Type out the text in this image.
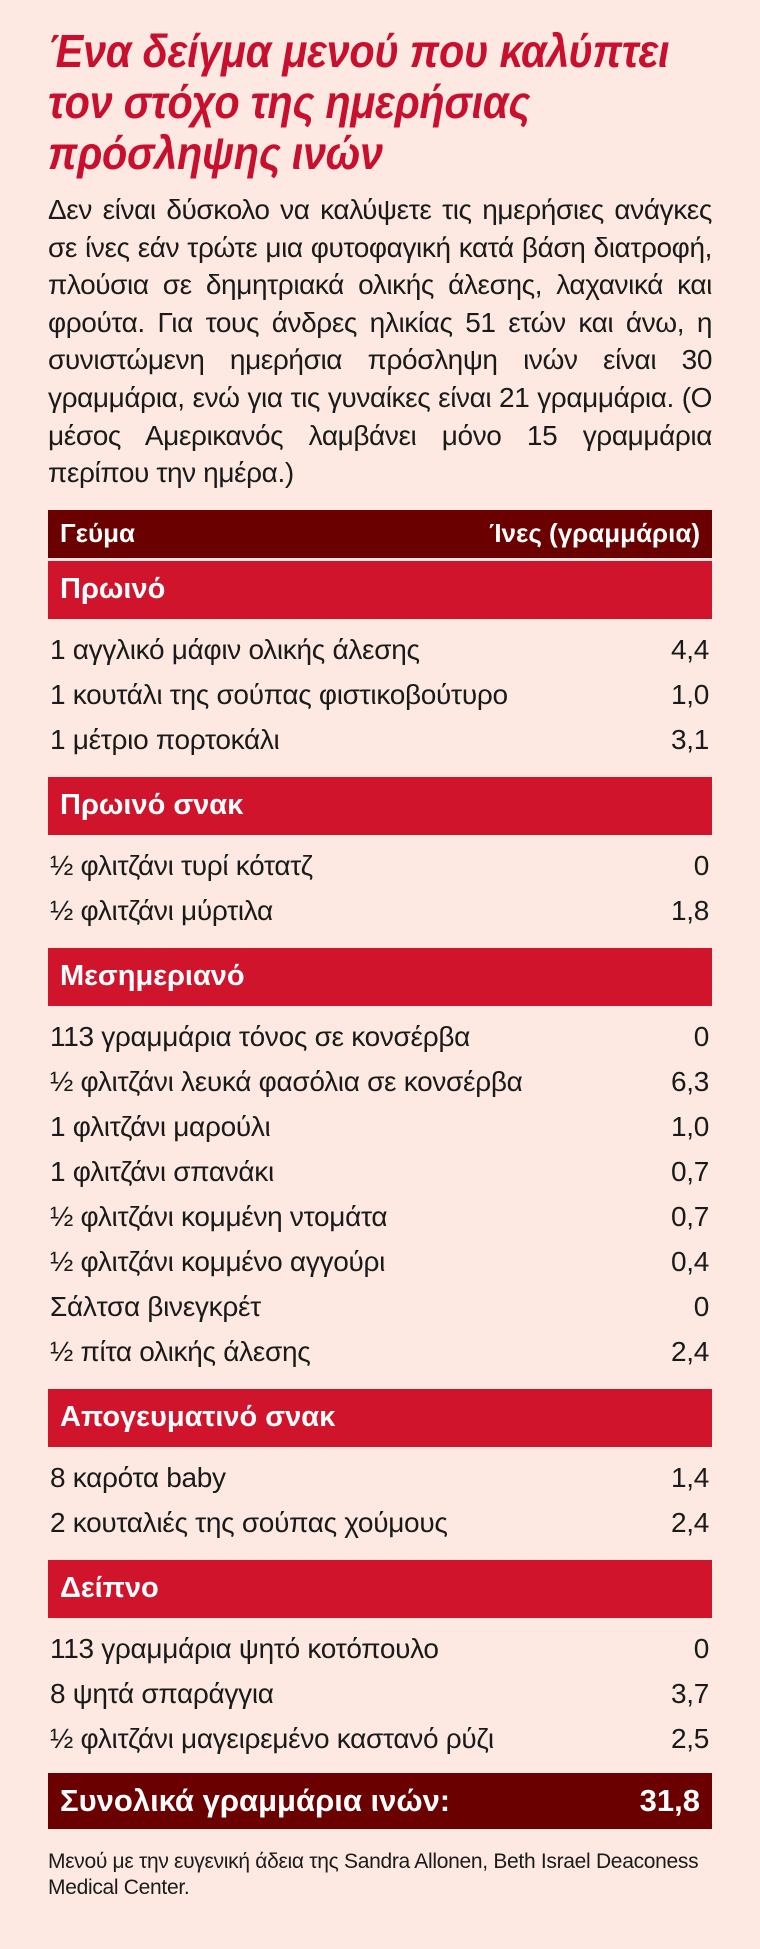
Ένα δείγμα μενού που καλύπτει τον στόχο της ημερήσιας πρόσληψης ινών

Δεν είναι δύσκολο να καλύψετε τις ημερήσιες ανάγκες σε ίνες εάν τρώτε μια φυτοφαγική κατά βάση διατροφή, πλούσια σε δημητριακά ολικής άλεσης, λαχανικά και φρούτα. Για τους άνδρες ηλικίας 51 ετών και άνω, η συνιστώμενη ημερήσια πρόσληψη ινών είναι 30 γραμμάρια, ενώ για τις γυναίκες είναι 21 γραμμάρια. (Ο μέσος Αμερικανός λαμβάνει μόνο 15 γραμμάρια περίπου την ημέρα.)

Γεύμα	Ίνες (γραμμάρια)
Πρωινό
1 αγγλικό μάφιν ολικής άλεσης	4,4
1 κουτάλι της σούπας φιστικοβούτυρο	1,0
1 μέτριο πορτοκάλι	3,1
Πρωινό σνακ
½ φλιτζάνι τυρί κότατζ	0
½ φλιτζάνι μύρτιλα	1,8
Μεσημεριανό
113 γραμμάρια τόνος σε κονσέρβα	0
½ φλιτζάνι λευκά φασόλια σε κονσέρβα	6,3
1 φλιτζάνι μαρούλι	1,0
1 φλιτζάνι σπανάκι	0,7
½ φλιτζάνι κομμένη ντομάτα	0,7
½ φλιτζάνι κομμένο αγγούρι	0,4
Σάλτσα βινεγκρέτ	0
½ πίτα ολικής άλεσης	2,4
Απογευματινό σνακ
8 καρότα baby	1,4
2 κουταλιές της σούπας χούμους	2,4
Δείπνο
113 γραμμάρια ψητό κοτόπουλο	0
8 ψητά σπαράγγια	3,7
½ φλιτζάνι μαγειρεμένο καστανό ρύζι	2,5
Συνολικά γραμμάρια ινών:	31,8
Μενού με την ευγενική άδεια της Sandra Allonen, Beth Israel Deaconess Medical Center.
